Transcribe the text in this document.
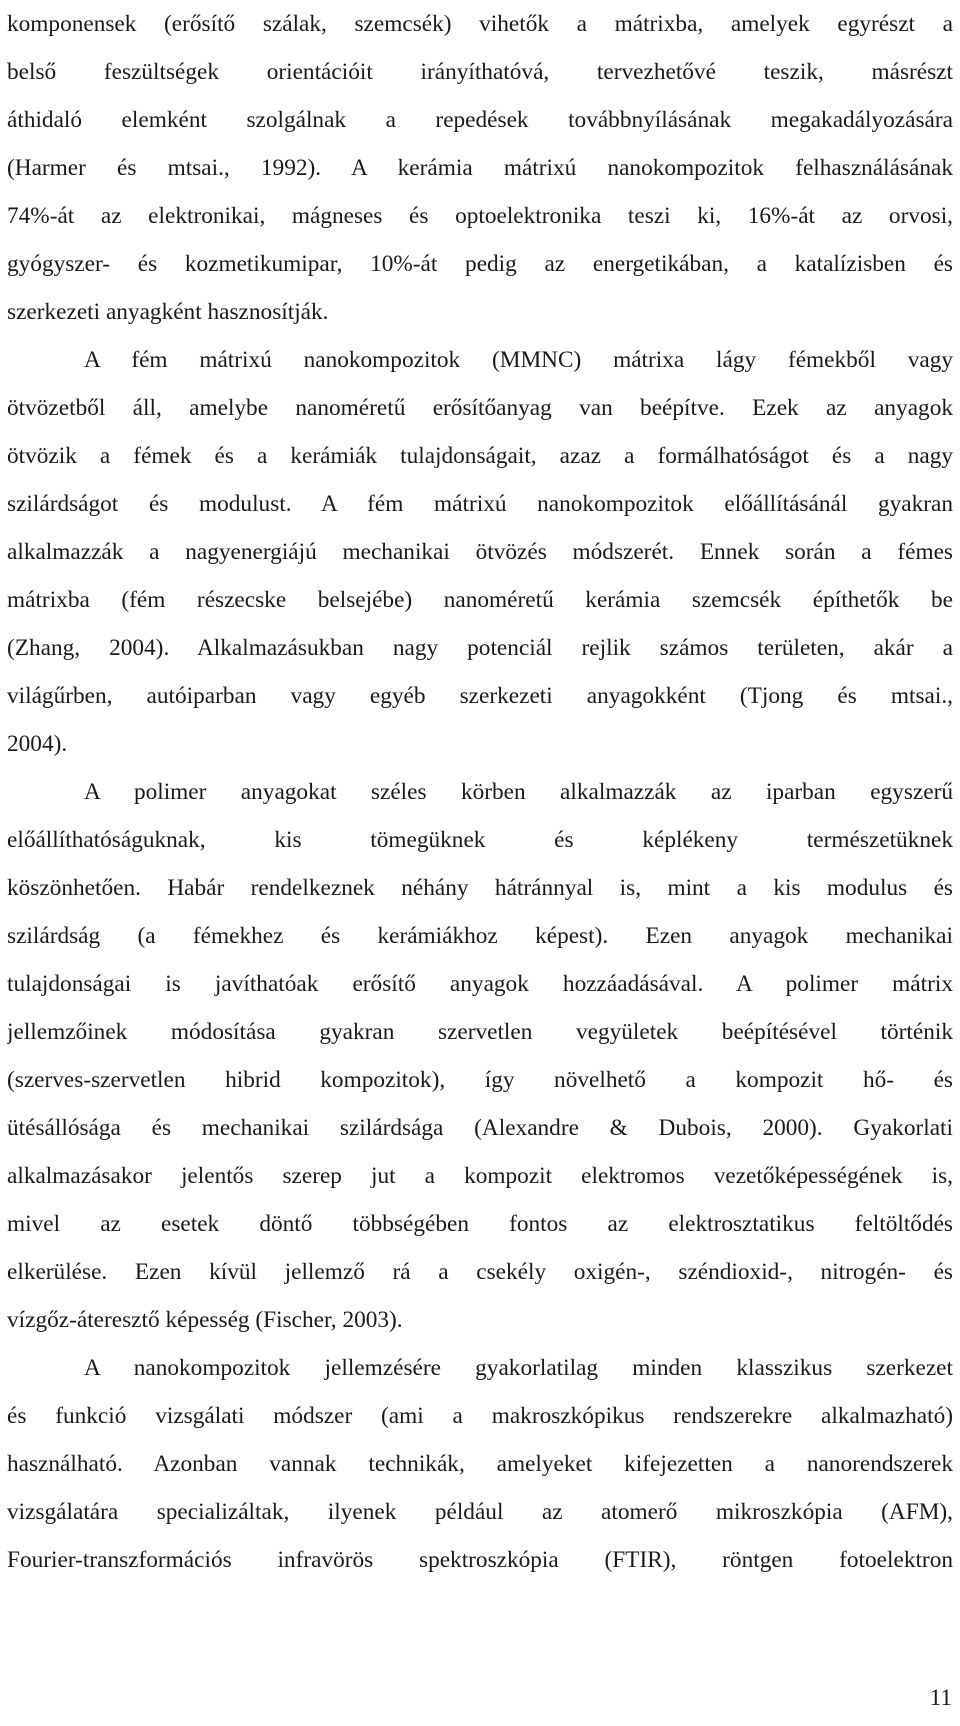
komponensek (erősítő szálak, szemcsék) vihetők a mátrixba, amelyek egyrészt a
belső feszültségek orientációit irányíthatóvá, tervezhetővé teszik, másrészt
áthidaló elemként szolgálnak a repedések továbbnyílásának megakadályozására
(Harmer és mtsai., 1992). A kerámia mátrixú nanokompozitok felhasználásának
74%-át az elektronikai, mágneses és optoelektronika teszi ki, 16%-át az orvosi,
gyógyszer- és kozmetikumipar, 10%-át pedig az energetikában, a katalízisben és
szerkezeti anyagként hasznosítják.
A fém mátrixú nanokompozitok (MMNC) mátrixa lágy fémekből vagy
ötvözetből áll, amelybe nanoméretű erősítőanyag van beépítve. Ezek az anyagok
ötvözik a fémek és a kerámiák tulajdonságait, azaz a formálhatóságot és a nagy
szilárdságot és modulust. A fém mátrixú nanokompozitok előállításánál gyakran
alkalmazzák a nagyenergiájú mechanikai ötvözés módszerét. Ennek során a fémes
mátrixba (fém részecske belsejébe) nanoméretű kerámia szemcsék építhetők be
(Zhang, 2004). Alkalmazásukban nagy potenciál rejlik számos területen, akár a
világűrben, autóiparban vagy egyéb szerkezeti anyagokként (Tjong és mtsai.,
2004).
A polimer anyagokat széles körben alkalmazzák az iparban egyszerű
előállíthatóságuknak, kis tömegüknek és képlékeny természetüknek
köszönhetően. Habár rendelkeznek néhány hátránnyal is, mint a kis modulus és
szilárdság (a fémekhez és kerámiákhoz képest). Ezen anyagok mechanikai
tulajdonságai is javíthatóak erősítő anyagok hozzáadásával. A polimer mátrix
jellemzőinek módosítása gyakran szervetlen vegyületek beépítésével történik
(szerves-szervetlen hibrid kompozitok), így növelhető a kompozit hő- és
ütésállósága és mechanikai szilárdsága (Alexandre & Dubois, 2000). Gyakorlati
alkalmazásakor jelentős szerep jut a kompozit elektromos vezetőképességének is,
mivel az esetek döntő többségében fontos az elektrosztatikus feltöltődés
elkerülése. Ezen kívül jellemző rá a csekély oxigén-, széndioxid-, nitrogén- és
vízgőz-áteresztő képesség (Fischer, 2003).
A nanokompozitok jellemzésére gyakorlatilag minden klasszikus szerkezet
és funkció vizsgálati módszer (ami a makroszkópikus rendszerekre alkalmazható)
használható. Azonban vannak technikák, amelyeket kifejezetten a nanorendszerek
vizsgálatára specializáltak, ilyenek például az atomerő mikroszkópia (AFM),
Fourier-transzformációs infravörös spektroszkópia (FTIR), röntgen fotoelektron
11
